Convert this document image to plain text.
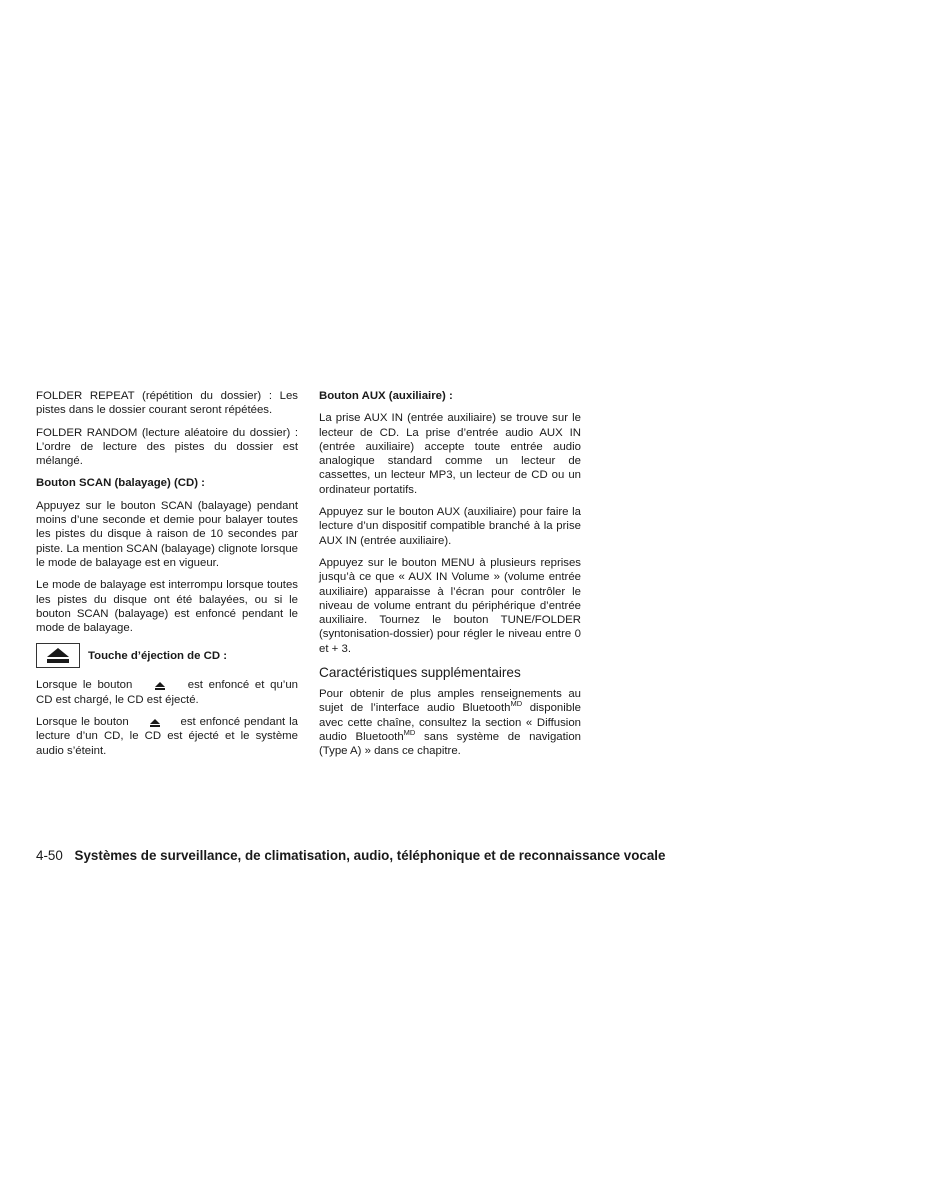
FOLDER REPEAT (répétition du dossier) : Les pistes dans le dossier courant seront répétées.

FOLDER RANDOM (lecture aléatoire du dossier) : L’ordre de lecture des pistes du dossier est mélangé.

Bouton SCAN (balayage) (CD) :

Appuyez sur le bouton SCAN (balayage) pendant moins d’une seconde et demie pour balayer toutes les pistes du disque à raison de 10 secondes par piste. La mention SCAN (balayage) clignote lorsque le mode de balayage est en vigueur.

Le mode de balayage est interrompu lorsque toutes les pistes du disque ont été balayées, ou si le bouton SCAN (balayage) est enfoncé pendant le mode de balayage.

Touche d’éjection de CD :

Lorsque le bouton	est enfoncé et qu’un CD est chargé, le CD est éjecté.

Lorsque le bouton	est enfoncé pendant la lecture d’un CD, le CD est éjecté et le système audio s’éteint.

Bouton AUX (auxiliaire) :

La prise AUX IN (entrée auxiliaire) se trouve sur le lecteur de CD. La prise d’entrée audio AUX IN (entrée auxiliaire) accepte toute entrée audio analogique standard comme un lecteur de cassettes, un lecteur MP3, un lecteur de CD ou un ordinateur portatifs.

Appuyez sur le bouton AUX (auxiliaire) pour faire la lecture d’un dispositif compatible branché à la prise AUX IN (entrée auxiliaire).

Appuyez sur le bouton MENU à plusieurs reprises jusqu’à ce que « AUX IN Volume » (volume entrée auxiliaire) apparaisse à l’écran pour contrôler le niveau de volume entrant du périphérique d’entrée auxiliaire. Tournez le bouton TUNE/FOLDER (syntonisation-dossier) pour régler le niveau entre 0 et + 3.

Caractéristiques supplémentaires

Pour obtenir de plus amples renseignements au sujet de l’interface audio Bluetooth$^{MD}$ disponible avec cette chaîne, consultez la section « Diffusion audio Bluetooth$^{MD}$ sans système de navigation (Type A) » dans ce chapitre.

4-50 Systèmes de surveillance, de climatisation, audio, téléphonique et de reconnaissance vocale
